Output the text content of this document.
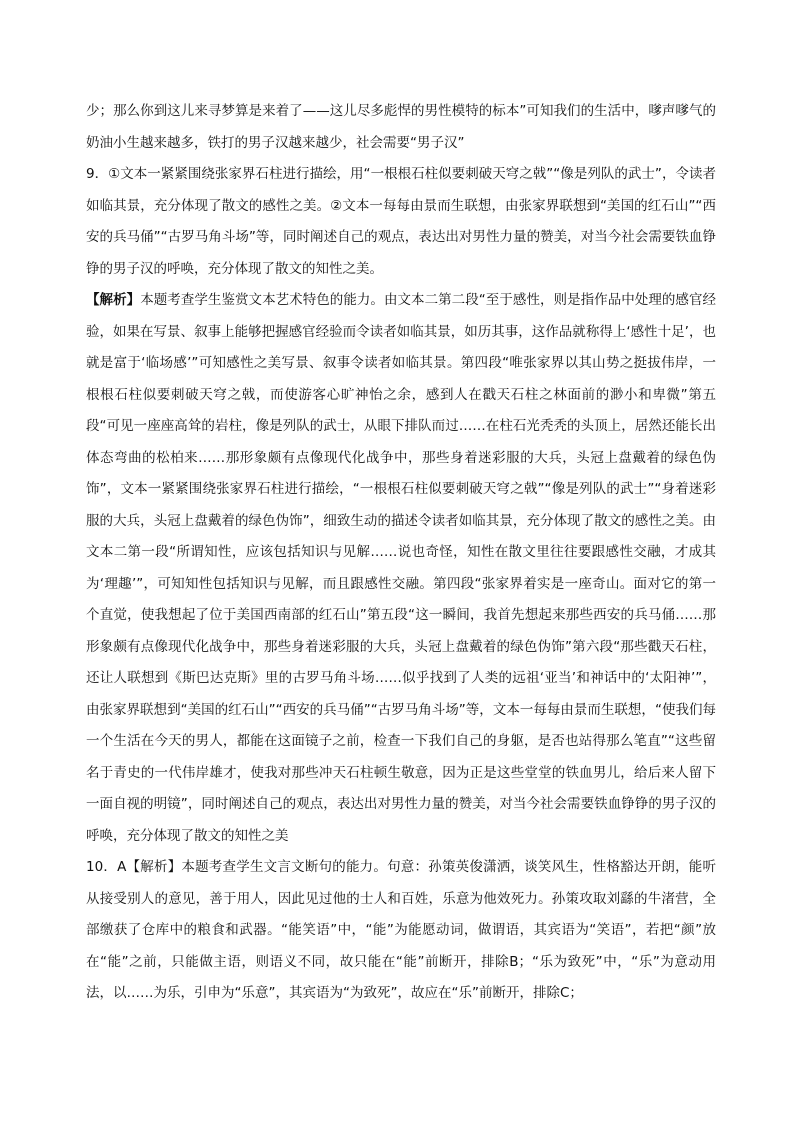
少；那么你到这儿来寻梦算是来着了——这儿尽多彪悍的男性模特的标本”可知我们的生活中，嗲声嗲气的奶油小生越来越多，铁打的男子汉越来越少，社会需要“男子汉”

9．①文本一紧紧围绕张家界石柱进行描绘，用“一根根石柱似要刺破天穹之戟”“像是列队的武士”，令读者如临其景，充分体现了散文的感性之美。②文本一每每由景而生联想，由张家界联想到“美国的红石山”“西安的兵马俑”“古罗马角斗场”等，同时阐述自己的观点，表达出对男性力量的赞美，对当今社会需要铁血铮铮的男子汉的呼唤，充分体现了散文的知性之美。

【解析】本题考查学生鉴赏文本艺术特色的能力。由文本二第二段“至于感性，则是指作品中处理的感官经验，如果在写景、叙事上能够把握感官经验而令读者如临其景，如历其事，这作品就称得上‘感性十足’，也就是富于‘临场感’”可知感性之美写景、叙事令读者如临其景。第四段“唯张家界以其山势之挺拔伟岸，一根根石柱似要刺破天穹之戟，而使游客心旷神怡之余，感到人在戳天石柱之林面前的渺小和卑微”第五段“可见一座座高耸的岩柱，像是列队的武士，从眼下排队而过……在柱石光秃秃的头顶上，居然还能长出体态弯曲的松柏来……那形象颇有点像现代化战争中，那些身着迷彩服的大兵，头冠上盘戴着的绿色伪饰”，文本一紧紧围绕张家界石柱进行描绘，“一根根石柱似要刺破天穹之戟”“像是列队的武士”“身着迷彩服的大兵，头冠上盘戴着的绿色伪饰”，细致生动的描述令读者如临其景，充分体现了散文的感性之美。由文本二第一段“所谓知性，应该包括知识与见解……说也奇怪，知性在散文里往往要跟感性交融，才成其为‘理趣’”，可知知性包括知识与见解，而且跟感性交融。第四段“张家界着实是一座奇山。面对它的第一个直觉，使我想起了位于美国西南部的红石山”第五段“这一瞬间，我首先想起来那些西安的兵马俑……那形象颇有点像现代化战争中，那些身着迷彩服的大兵，头冠上盘戴着的绿色伪饰”第六段“那些戳天石柱，还让人联想到《斯巴达克斯》里的古罗马角斗场……似乎找到了人类的远祖‘亚当’和神话中的‘太阳神’”，由张家界联想到“美国的红石山”“西安的兵马俑”“古罗马角斗场”等，文本一每每由景而生联想，“使我们每一个生活在今天的男人，都能在这面镜子之前，检查一下我们自己的身躯，是否也站得那么笔直”“这些留名于青史的一代伟岸雄才，使我对那些冲天石柱顿生敬意，因为正是这些堂堂的铁血男儿，给后来人留下一面自视的明镜”，同时阐述自己的观点，表达出对男性力量的赞美，对当今社会需要铁血铮铮的男子汉的呼唤，充分体现了散文的知性之美

10．A【解析】本题考查学生文言文断句的能力。句意：孙策英俊潇洒，谈笑风生，性格豁达开朗，能听从接受别人的意见，善于用人，因此见过他的士人和百姓，乐意为他效死力。孙策攻取刘繇的牛渚营，全部缴获了仓库中的粮食和武器。“能笑语”中，“能”为能愿动词，做谓语，其宾语为“笑语”，若把“颜”放在“能”之前，只能做主语，则语义不同，故只能在“能”前断开，排除B；“乐为致死”中，“乐”为意动用法，以……为乐，引申为“乐意”，其宾语为“为致死”，故应在“乐”前断开，排除C；
